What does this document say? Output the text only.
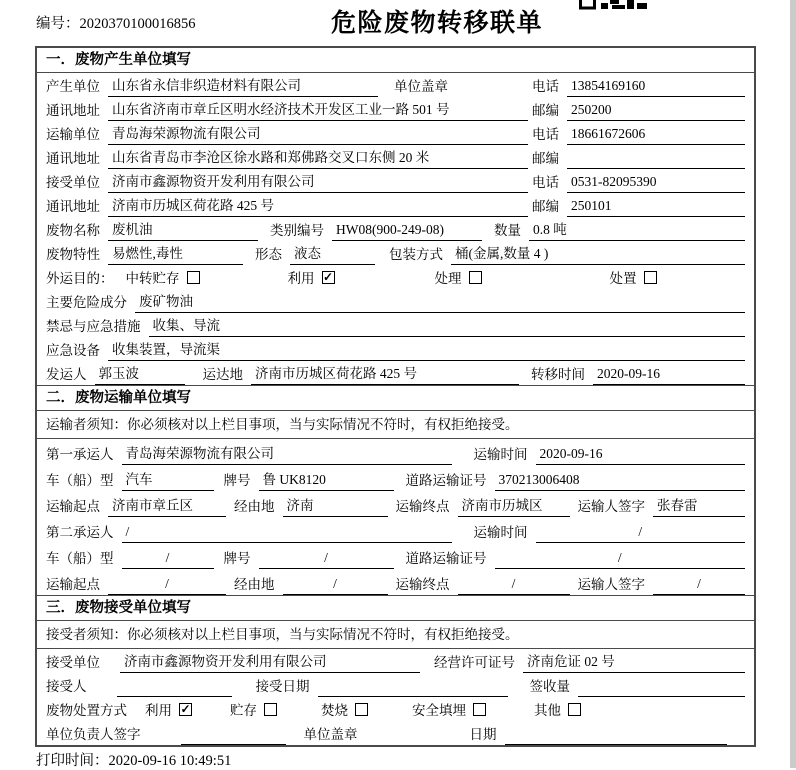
编号：2020370100016856	危险废物转移联单
一．废物产生单位填写
产生单位 山东省永信非织造材料有限公司	单位盖章	电话 13854169160
通讯地址 山东省济南市章丘区明水经济技术开发区工业一路 501 号	邮编 250200
运输单位 青岛海荣源物流有限公司	电话 18661672606
通讯地址 山东省青岛市李沧区徐水路和郑佛路交叉口东侧 20 米	邮编
接受单位 济南市鑫源物资开发利用有限公司	电话 0531-82095390
通讯地址 济南市历城区荷花路 425 号	邮编 250101
废物名称 废机油	类别编号 HW08(900-249-08)	数量 0.8 吨
废物特性 易燃性,毒性	形态 液态	包装方式 桶(金属,数量 4 )
外运目的： 中转贮存	利用 ✓	处理	处置
主要危险成分 废矿物油
禁忌与应急措施 收集、导流
应急设备 收集装置，导流渠
发运人 郭玉波	运达地 济南市历城区荷花路 425 号	转移时间 2020-09-16
二．废物运输单位填写
运输者须知：你必须核对以上栏目事项，当与实际情况不符时，有权拒绝接受。
第一承运人 青岛海荣源物流有限公司	运输时间 2020-09-16
车（船）型 汽车	牌号 鲁 UK8120	道路运输证号 370213006408
运输起点 济南市章丘区	经由地 济南	运输终点 济南市历城区	运输人签字 张春雷
第二承运人 /	运输时间	/
车（船）型	/	牌号	/	道路运输证号	/
运输起点	/	经由地	/	运输终点	/	运输人签字	/
三．废物接受单位填写
接受者须知：你必须核对以上栏目事项，当与实际情况不符时，有权拒绝接受。
接受单位 济南市鑫源物资开发利用有限公司	经营许可证号 济南危证 02 号
接受人	接受日期	签收量
废物处置方式 利用 ✓	贮存	焚烧	安全填埋	其他
单位负责人签字	单位盖章	日期
打印时间：2020-09-16 10:49:51
